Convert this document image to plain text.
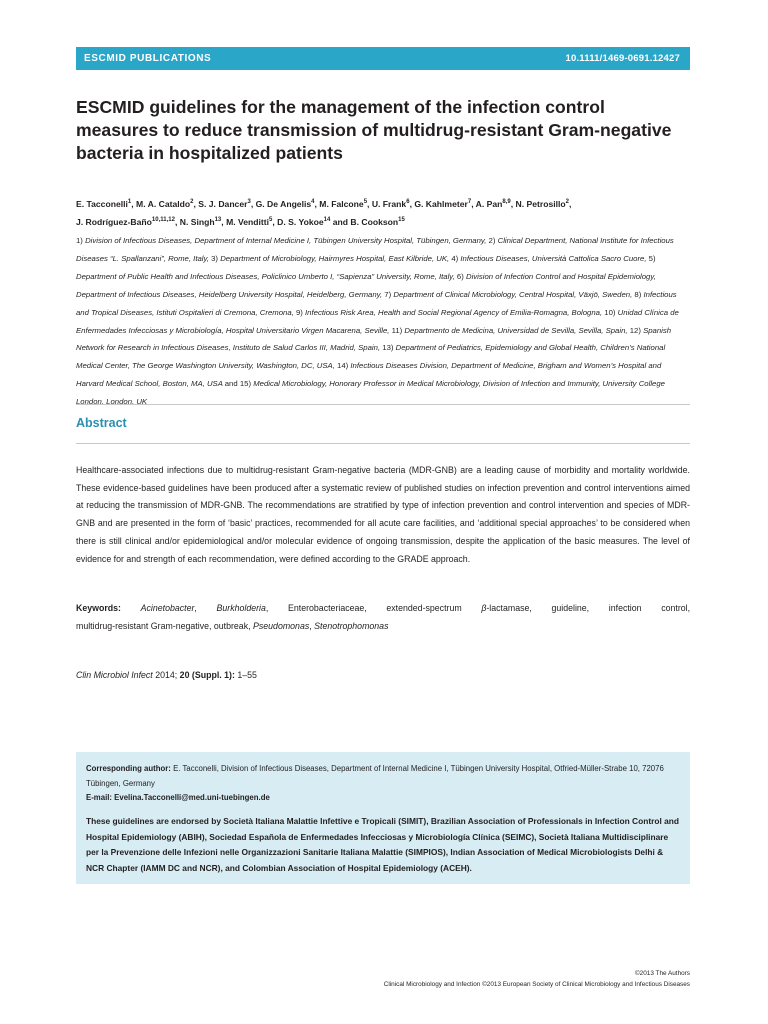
ESCMID PUBLICATIONS	10.1111/1469-0691.12427
ESCMID guidelines for the management of the infection control measures to reduce transmission of multidrug-resistant Gram-negative bacteria in hospitalized patients

E. Tacconelli$^1$, M. A. Cataldo$^2$, S. J. Dancer$^3$, G. De Angelis$^4$, M. Falcone$^5$, U. Frank$^6$, G. Kahlmeter$^7$, A. Pan$^{8,9}$, N. Petrosillo$^2$,
J. Rodríguez-Baño$^{10,11,12}$, N. Singh$^{13}$, M. Venditti$^5$, D. S. Yokoe$^{14}$ and B. Cookson$^{15}$

1) Division of Infectious Diseases, Department of Internal Medicine I, Tübingen University Hospital, Tübingen, Germany, 2) Clinical Department, National Institute for Infectious Diseases “L. Spallanzani”, Rome, Italy, 3) Department of Microbiology, Hairmyres Hospital, East Kilbride, UK, 4) Infectious Diseases, Università Cattolica Sacro Cuore, 5) Department of Public Health and Infectious Diseases, Policlinico Umberto I, “Sapienza” University, Rome, Italy, 6) Division of Infection Control and Hospital Epidemiology, Department of Infectious Diseases, Heidelberg University Hospital, Heidelberg, Germany, 7) Department of Clinical Microbiology, Central Hospital, Växjö, Sweden, 8) Infectious and Tropical Diseases, Istituti Ospitalieri di Cremona, Cremona, 9) Infectious Risk Area, Health and Social Regional Agency of Emilia-Romagna, Bologna, 10) Unidad Clínica de Enfermedades Infecciosas y Microbiología, Hospital Universitario Virgen Macarena, Seville, 11) Departmento de Medicina, Universidad de Sevilla, Sevilla, Spain, 12) Spanish Network for Research in Infectious Diseases, Instituto de Salud Carlos III, Madrid, Spain, 13) Department of Pediatrics, Epidemiology and Global Health, Children’s National Medical Center, The George Washington University, Washington, DC, USA, 14) Infectious Diseases Division, Department of Medicine, Brigham and Women’s Hospital and Harvard Medical School, Boston, MA, USA and 15) Medical Microbiology, Honorary Professor in Medical Microbiology, Division of Infection and Immunity, University College London, London, UK

Abstract

Healthcare-associated infections due to multidrug-resistant Gram-negative bacteria (MDR-GNB) are a leading cause of morbidity and mortality worldwide. These evidence-based guidelines have been produced after a systematic review of published studies on infection prevention and control interventions aimed at reducing the transmission of MDR-GNB. The recommendations are stratified by type of infection prevention and control intervention and species of MDR-GNB and are presented in the form of ‘basic’ practices, recommended for all acute care facilities, and ‘additional special approaches’ to be considered when there is still clinical and/or epidemiological and/or molecular evidence of ongoing transmission, despite the application of the basic measures. The level of evidence for and strength of each recommendation, were defined according to the GRADE approach.

Keywords: Acinetobacter, Burkholderia, Enterobacteriaceae, extended-spectrum β-lactamase, guideline, infection control,
multidrug-resistant Gram-negative, outbreak, Pseudomonas, Stenotrophomonas

Clin Microbiol Infect 2014; 20 (Suppl. 1): 1–55

Corresponding author: E. Tacconelli, Division of Infectious Diseases, Department of Internal Medicine I, Tübingen University Hospital, Otfried-Müller-Strabe 10, 72076 Tübingen, Germany

E-mail: Evelina.Tacconelli@med.uni-tuebingen.de

These guidelines are endorsed by Società Italiana Malattie Infettive e Tropicali (SIMIT), Brazilian Association of Professionals in Infection Control and Hospital Epidemiology (ABIH), Sociedad Española de Enfermedades Infecciosas y Microbiología Clínica (SEIMC), Società Italiana Multidisciplinare per la Prevenzione delle Infezioni nelle Organizzazioni Sanitarie Italiana Malattie (SIMPIOS), Indian Association of Medical Microbiologists Delhi & NCR Chapter (IAMM DC and NCR), and Colombian Association of Hospital Epidemiology (ACEH).

©2013 The Authors
Clinical Microbiology and Infection ©2013 European Society of Clinical Microbiology and Infectious Diseases
